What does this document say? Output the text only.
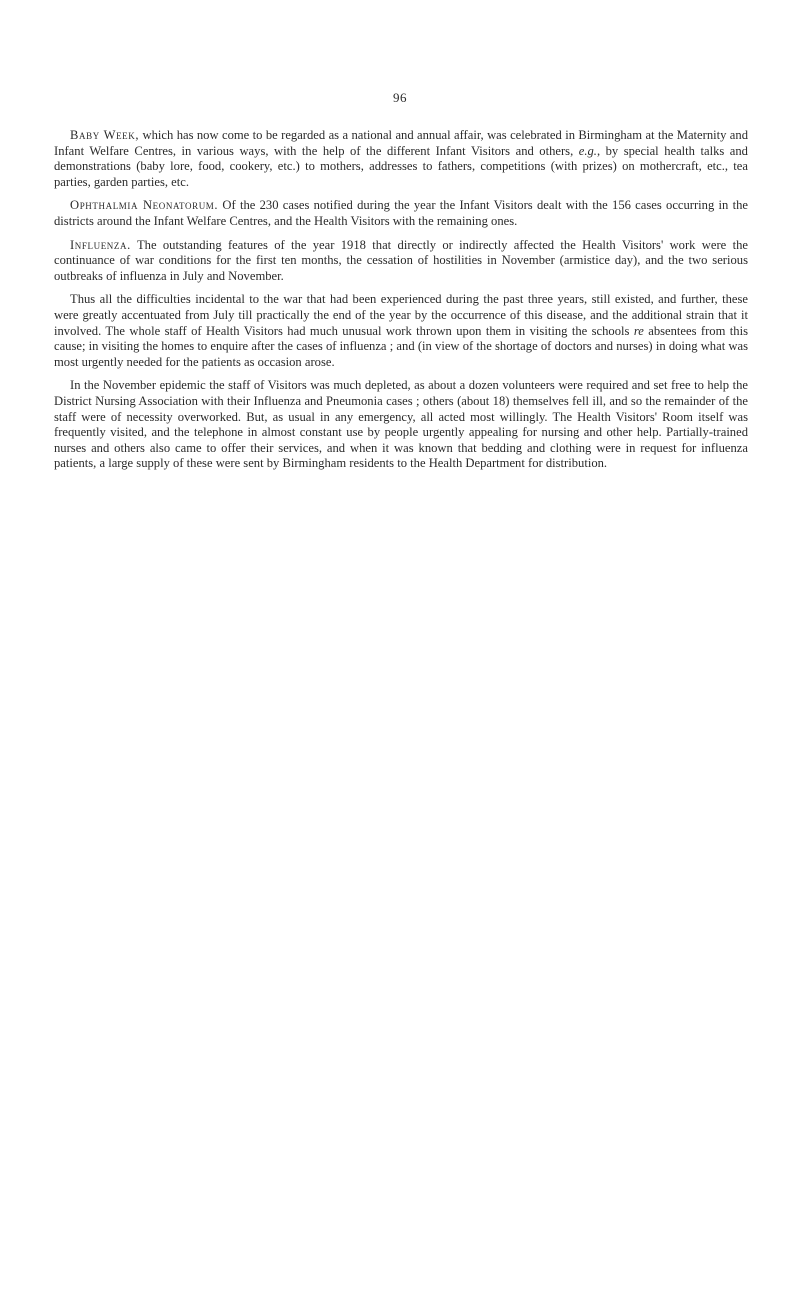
96

Baby Week, which has now come to be regarded as a national and annual affair, was celebrated in Birmingham at the Maternity and Infant Welfare Centres, in various ways, with the help of the different Infant Visitors and others, e.g., by special health talks and demonstrations (baby lore, food, cookery, etc.) to mothers, addresses to fathers, competitions (with prizes) on mothercraft, etc., tea parties, garden parties, etc.

Ophthalmia Neonatorum. Of the 230 cases notified during the year the Infant Visitors dealt with the 156 cases occurring in the districts around the Infant Welfare Centres, and the Health Visitors with the remaining ones.

Influenza. The outstanding features of the year 1918 that directly or indirectly affected the Health Visitors' work were the continuance of war conditions for the first ten months, the cessation of hostilities in November (armistice day), and the two serious outbreaks of influenza in July and November.

Thus all the difficulties incidental to the war that had been experienced during the past three years, still existed, and further, these were greatly accentuated from July till practically the end of the year by the occurrence of this disease, and the additional strain that it involved. The whole staff of Health Visitors had much unusual work thrown upon them in visiting the schools re absentees from this cause; in visiting the homes to enquire after the cases of influenza ; and (in view of the shortage of doctors and nurses) in doing what was most urgently needed for the patients as occasion arose.

In the November epidemic the staff of Visitors was much depleted, as about a dozen volunteers were required and set free to help the District Nursing Association with their Influenza and Pneumonia cases ; others (about 18) themselves fell ill, and so the remainder of the staff were of necessity overworked. But, as usual in any emergency, all acted most willingly. The Health Visitors' Room itself was frequently visited, and the telephone in almost constant use by people urgently appealing for nursing and other help. Partially-trained nurses and others also came to offer their services, and when it was known that bedding and clothing were in request for influenza patients, a large supply of these were sent by Birmingham residents to the Health Department for distribution.
